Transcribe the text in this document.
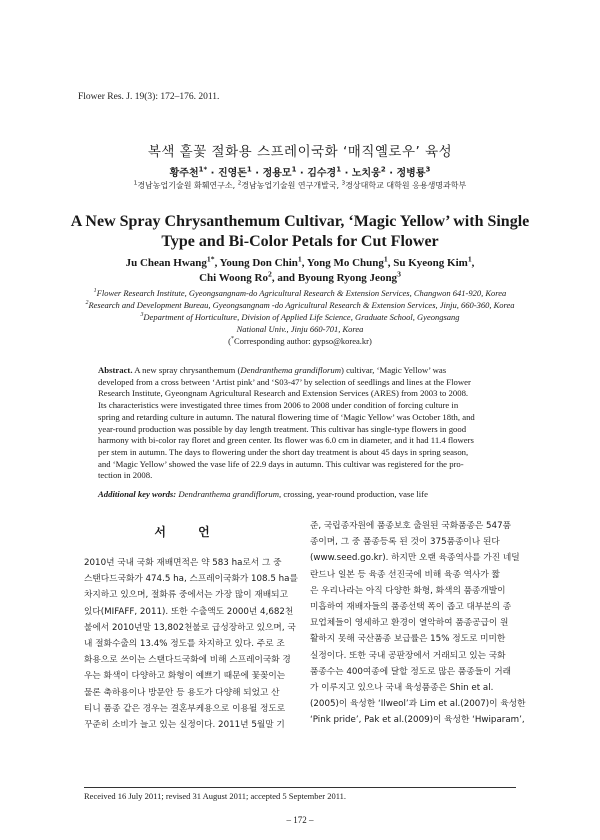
Flower Res. J. 19(3): 172–176. 2011.
복색 홑꽃 절화용 스프레이국화 ‘매직옐로우’ 육성
황주천$^{1*}$ · 진영돈$^1$ · 정용모$^1$ · 김수경$^1$ · 노치웅$^2$ · 정병룡$^3$
$^1$경남농업기술원 화훼연구소, $^2$경남농업기술원 연구개발국, $^3$경상대학교 대학원 응용생명과학부
A New Spray Chrysanthemum Cultivar, ‘Magic Yellow’ with Single
Type and Bi-Color Petals for Cut Flower
Ju Chean Hwang$^{1*}$, Young Don Chin$^1$, Yong Mo Chung$^1$, Su Kyeong Kim$^1$,
Chi Woong Ro$^2$, and Byoung Ryong Jeong$^3$
$^1$Flower Research Institute, Gyeongsangnam-do Agricultural Research & Extension Services, Changwon 641-920, Korea
$^2$Research and Development Bureau, Gyeongsangnam -do Agricultural Research & Extension Services, Jinju, 660-360, Korea
$^3$Department of Horticulture, Division of Applied Life Science, Graduate School, Gyeongsang
National Univ., Jinju 660-701, Korea
(*Corresponding author: gypso@korea.kr)
Abstract. A new spray chrysanthemum (Dendranthema grandiflorum) cultivar, ‘Magic Yellow’ was
developed from a cross between ‘Artist pink’ and ‘S03-47’ by selection of seedlings and lines at the Flower
Research Institute, Gyeongnam Agricultural Research and Extension Services (ARES) from 2003 to 2008.
Its characteristics were investigated three times from 2006 to 2008 under condition of forcing culture in
spring and retarding culture in autumn. The natural flowering time of ‘Magic Yellow’ was October 18th, and
year-round production was possible by day length treatment. This cultivar has single-type flowers in good
harmony with bi-color ray floret and green center. Its flower was 6.0 cm in diameter, and it had 11.4 flowers
per stem in autumn. The days to flowering under the short day treatment is about 45 days in spring season,
and ‘Magic Yellow’ showed the vase life of 22.9 days in autumn. This cultivar was registered for the pro-
tection in 2008.
Additional key words: Dendranthema grandiflorum, crossing, year-round production, vase life
서 언
2010년 국내 국화 재배면적은 약 583 ha로서 그 중
스탠다드국화가 474.5 ha, 스프레이국화가 108.5 ha를
차지하고 있으며, 절화류 중에서는 가장 많이 재배되고
있다(MIFAFF, 2011). 또한 수출액도 2000년 4,682천
불에서 2010년말 13,802천불로 급성장하고 있으며, 국
내 절화수출의 13.4% 정도를 차지하고 있다. 주로 조
화용으로 쓰이는 스탠다드국화에 비해 스프레이국화 경
우는 화색이 다양하고 화형이 예쁘기 때문에 꽃꽂이는
물론 축하용이나 방문안 등 용도가 다양해 되었고 산
티니 품종 같은 경우는 결혼부케용으로 이용될 정도로
꾸준히 소비가 늘고 있는 실정이다. 2011년 5월말 기
준, 국립종자원에 품종보호 출원된 국화품종은 547품
종이며, 그 중 품종등록 된 것이 375품종이나 된다
(www.seed.go.kr). 하지만 오랜 육종역사를 가진 네덜
란드나 일본 등 육종 선진국에 비해 육종 역사가 짧
은 우리나라는 아직 다양한 화형, 화색의 품종개발이
미흡하여 재배자들의 품종선택 폭이 좁고 대부분의 종
묘업체들이 영세하고 환경이 열악하여 품종공급이 원
활하지 못해 국산품종 보급률은 15% 정도로 미미한
실정이다. 또한 국내 공판장에서 거래되고 있는 국화
품종수는 400여종에 달할 정도로 많은 품종들이 거래
가 이루지고 있으나 국내 육성품종은 Shin et al.
(2005)이 육성한 ‘Ilweol’과 Lim et al.(2007)이 육성한
‘Pink pride’, Pak et al.(2009)이 육성한 ‘Hwiparam’,
Received 16 July 2011; revised 31 August 2011; accepted 5 September 2011.
– 172 –
